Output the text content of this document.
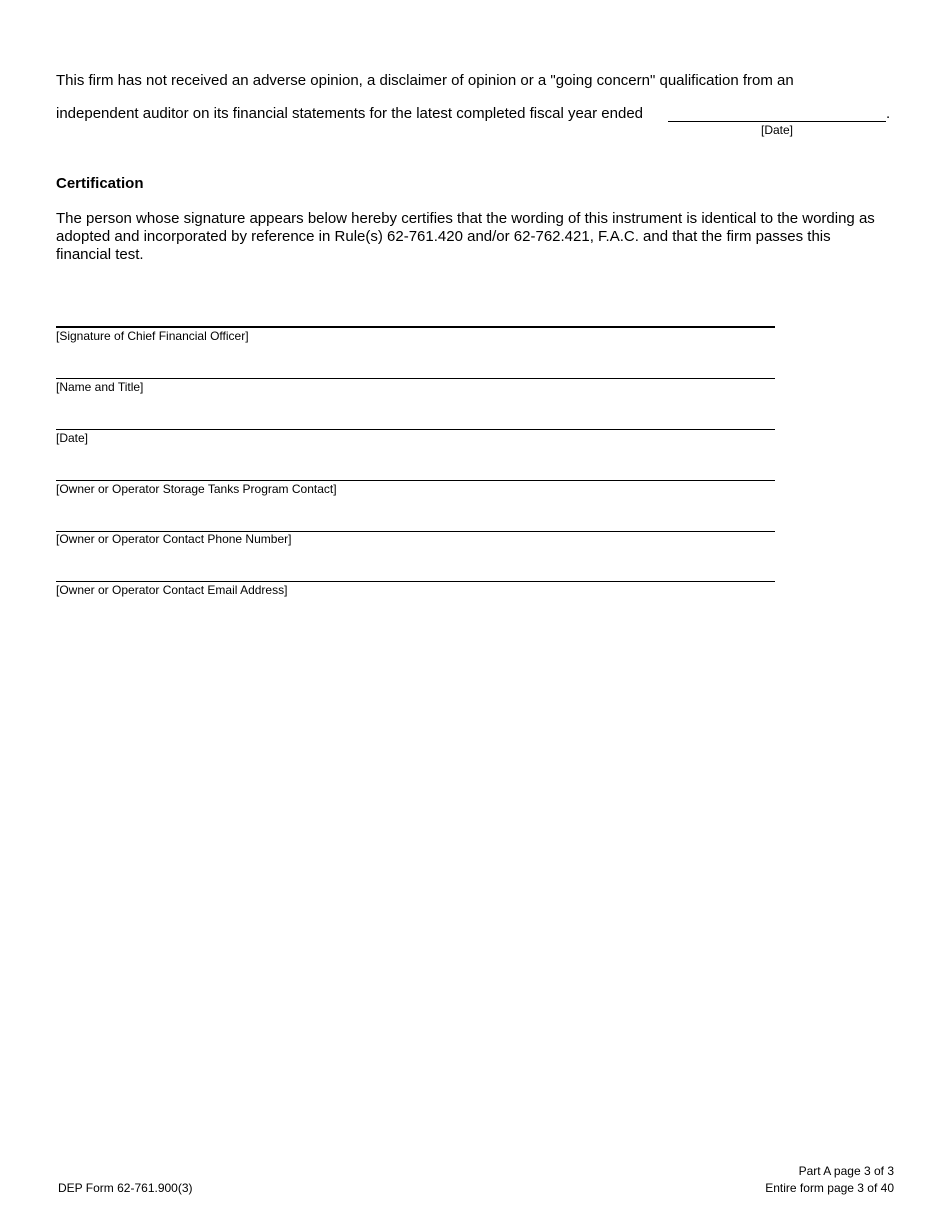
This firm has not received an adverse opinion, a disclaimer of opinion or a "going concern" qualification from an
independent auditor on its financial statements for the latest completed fiscal year ended	.
[Date]
Certification
The person whose signature appears below hereby certifies that the wording of this instrument is identical to the wording as adopted and incorporated by reference in Rule(s) 62-761.420 and/or 62-762.421, F.A.C. and that the firm passes this financial test.
[Signature of Chief Financial Officer]
[Name and Title]
[Date]
[Owner or Operator Storage Tanks Program Contact]
[Owner or Operator Contact Phone Number]
[Owner or Operator Contact Email Address]
DEP Form 62-761.900(3)
Part A page 3 of 3
Entire form page 3 of 40
